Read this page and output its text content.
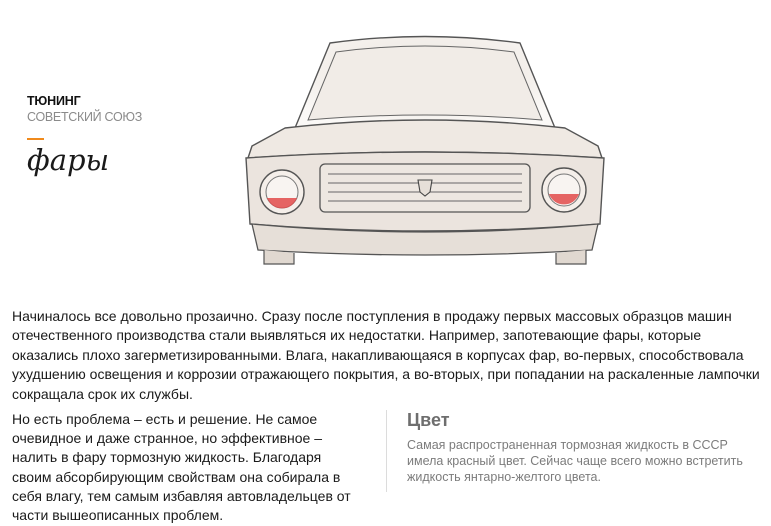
ТЮНИНГ
СОВЕТСКИЙ СОЮЗ
фары

Начиналось все довольно прозаично. Сразу после поступления в продажу первых массовых образцов машин отечественного производства стали выявляться их недостатки. Например, запотевающие фары, которые оказались плохо загерметизированными. Влага, накапливающаяся в корпусах фар, во-первых, способствовала ухудшению освещения и коррозии отражающего покрытия, а во-вторых, при попадании на раскаленные лампочки сокращала срок их службы.

Но есть проблема – есть и решение. Не самое очевидное и даже странное, но эффективное – налить в фару тормозную жидкость. Благодаря своим абсорбирующим свойствам она собирала в себя влагу, тем самым избавляя автовладельцев от части вышеописанных проблем.

Цвет

Самая распространенная тормозная жидкость в СССР имела красный цвет. Сейчас чаще всего можно встретить жидкость янтарно-желтого цвета.
